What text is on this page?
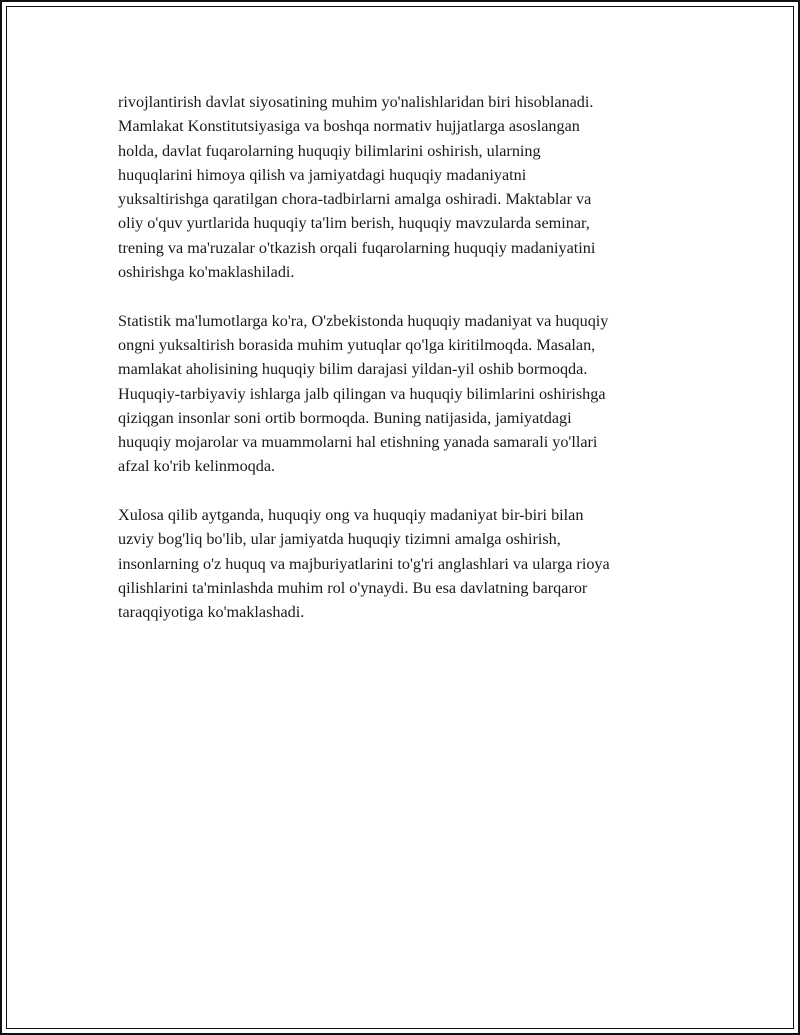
rivojlantirish davlat siyosatining muhim yo'nalishlaridan biri hisoblanadi.
Mamlakat Konstitutsiyasiga va boshqa normativ hujjatlarga asoslangan
holda, davlat fuqarolarning huquqiy bilimlarini oshirish, ularning
huquqlarini himoya qilish va jamiyatdagi huquqiy madaniyatni
yuksaltirishga qaratilgan chora-tadbirlarni amalga oshiradi. Maktablar va
oliy o'quv yurtlarida huquqiy ta'lim berish, huquqiy mavzularda seminar,
trening va ma'ruzalar o'tkazish orqali fuqarolarning huquqiy madaniyatini
oshirishga ko'maklashiladi.

Statistik ma'lumotlarga ko'ra, O'zbekistonda huquqiy madaniyat va huquqiy
ongni yuksaltirish borasida muhim yutuqlar qo'lga kiritilmoqda. Masalan,
mamlakat aholisining huquqiy bilim darajasi yildan-yil oshib bormoqda.
Huquqiy-tarbiyaviy ishlarga jalb qilingan va huquqiy bilimlarini oshirishga
qiziqgan insonlar soni ortib bormoqda. Buning natijasida, jamiyatdagi
huquqiy mojarolar va muammolarni hal etishning yanada samarali yo'llari
afzal ko'rib kelinmoqda.

Xulosa qilib aytganda, huquqiy ong va huquqiy madaniyat bir-biri bilan
uzviy bog'liq bo'lib, ular jamiyatda huquqiy tizimni amalga oshirish,
insonlarning o'z huquq va majburiyatlarini to'g'ri anglashlari va ularga rioya
qilishlarini ta'minlashda muhim rol o'ynaydi. Bu esa davlatning barqaror
taraqqiyotiga ko'maklashadi.
